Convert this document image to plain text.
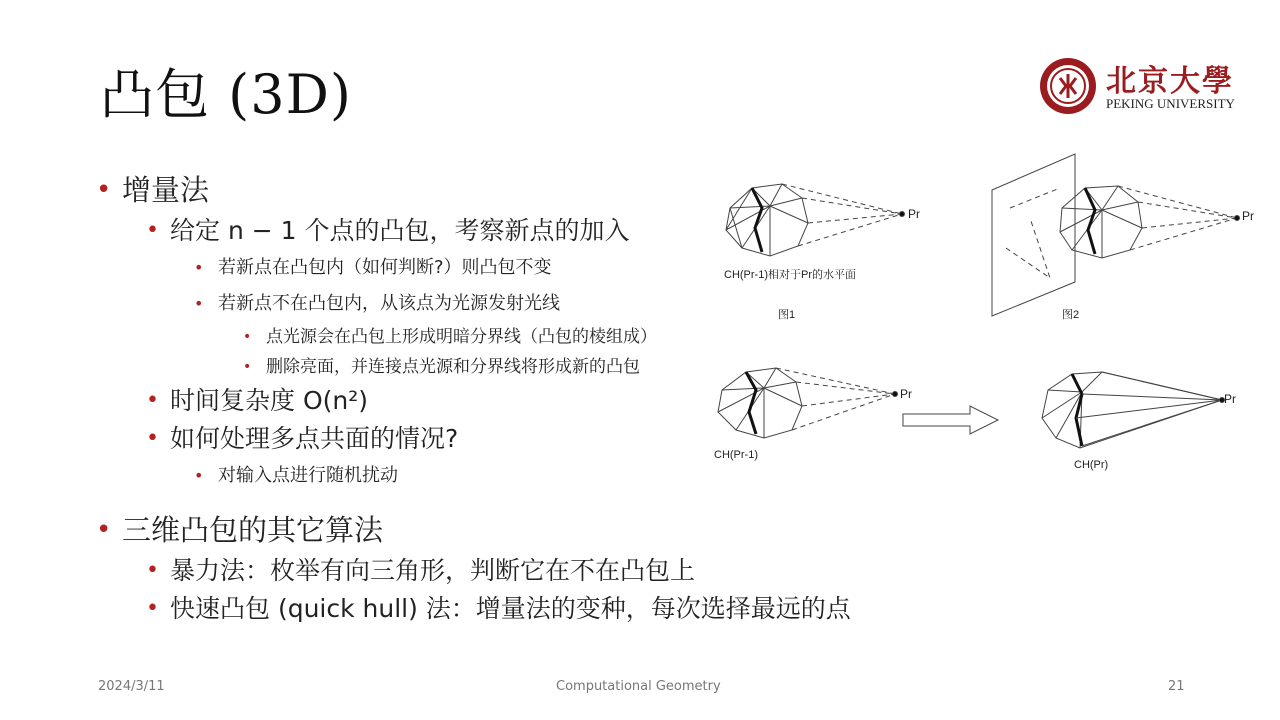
凸包 (3D)	北京大學
PEKING UNIVERSITY
• 增量法
• 给定 n − 1 个点的凸包，考察新点的加入
• 若新点在凸包内（如何判断?）则凸包不变
• 若新点不在凸包内，从该点为光源发射光线
• 点光源会在凸包上形成明暗分界线（凸包的棱组成）
• 删除亮面，并连接点光源和分界线将形成新的凸包
• 时间复杂度 O(n²)
• 如何处理多点共面的情况?
• 对输入点进行随机扰动
• 三维凸包的其它算法
• 暴力法：枚举有向三角形，判断它在不在凸包上
• 快速凸包 (quick hull) 法：增量法的变种，每次选择最远的点
Pr	Pr
Pr	Pr
CH(Pr-1)相对于Pr的水平面
图1	图2
CH(Pr-1)
CH(Pr)
2024/3/11	Computational Geometry	21
